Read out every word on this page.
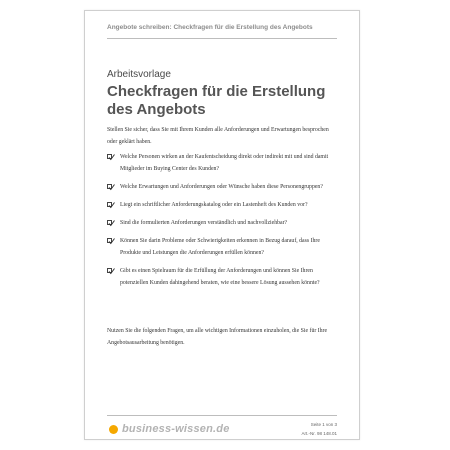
Angebote schreiben: Checkfragen für die Erstellung des Angebots
Arbeitsvorlage
Checkfragen für die Erstellung des Angebots
Stellen Sie sicher, dass Sie mit Ihrem Kunden alle Anforderungen und Erwartungen besprochen oder geklärt haben.
Welche Personen wirken an der Kaufentscheidung direkt oder indirekt mit und sind damit Mitglieder im Buying Center des Kunden?
Welche Erwartungen und Anforderungen oder Wünsche haben diese Personengruppen?
Liegt ein schriftlicher Anforderungskatalog oder ein Lastenheft des Kunden vor?
Sind die formulierten Anforderungen verständlich und nachvollziehbar?
Können Sie darin Probleme oder Schwierigkeiten erkennen in Bezug darauf, dass Ihre Produkte und Leistungen die Anforderungen erfüllen können?
Gibt es einen Spielraum für die Erfüllung der Anforderungen und können Sie Ihren potenziellen Kunden dahingehend beraten, wie eine bessere Lösung aussehen könnte?
Nutzen Sie die folgenden Fragen, um alle wichtigen Informationen einzuholen, die Sie für Ihre Angebotsausarbeitung benötigen.
business-wissen.de	Seite 1 von 3
Art.-Nr. 98 148.01
